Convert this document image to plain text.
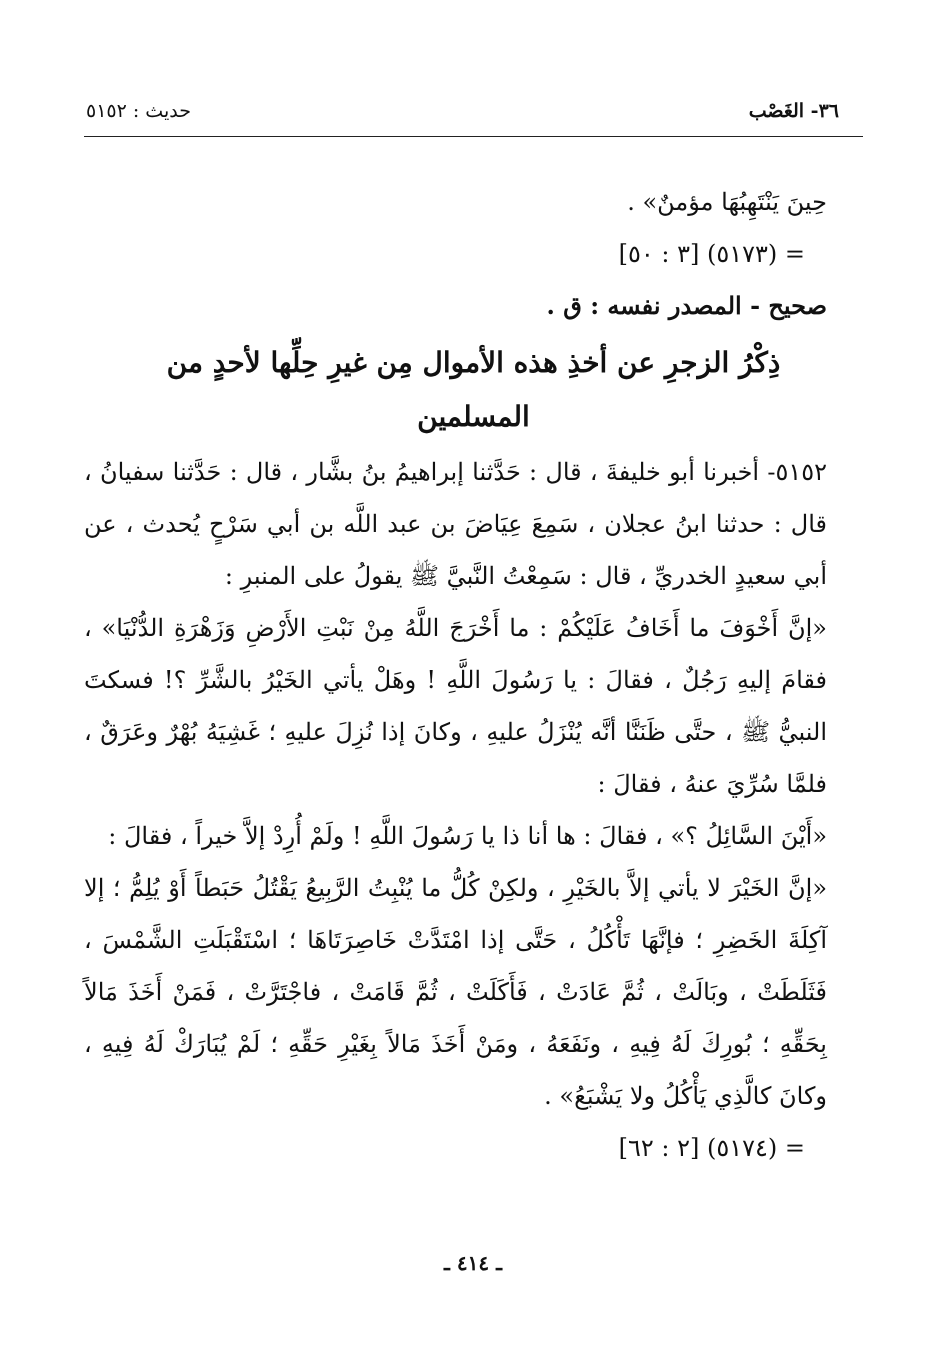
٣٦- الغَصْب
حديث : ٥١٥٢

حِينَ يَنْتَهِبُهَا مؤمنٌ» .

= (٥١٧٣) [٣ : ٥٠]

صحيح - المصدر نفسه : ق .

ذِكْرُ الزجرِ عن أخذِ هذه الأموال مِن غيرِ حِلِّها لأحدٍ من المسلمين

٥١٥٢- أخبرنا أبو خليفةَ ، قال : حَدَّثنا إبراهيمُ بنُ بشَّار ، قال : حَدَّثنا سفيانُ ، قال : حدثنا ابنُ عجلان ، سَمِعَ عِيَاضَ بن عبد اللَّه بن أبي سَرْحٍ يُحدث ، عن أبي سعيدٍ الخدريِّ ، قال : سَمِعْتُ النَّبيَّ ﷺ يقولُ على المنبرِ :

«إنَّ أَخْوَفَ ما أَخَافُ عَلَيْكُمْ : ما أَخْرَجَ اللَّهُ مِنْ نَبْتِ الأَرْضِ وَزَهْرَةِ الدُّنْيَا» ، فقامَ إليهِ رَجُلٌ ، فقالَ : يا رَسُولَ اللَّهِ ! وهَلْ يأتي الخَيْرُ بالشَّرِّ ؟! فسكتَ النبيُّ ﷺ ، حتَّى ظَنَنَّا أنَّه يُنْزَلُ عليهِ ، وكانَ إذا نُزِلَ عليهِ ؛ غَشِيَهُ بُهْرٌ وعَرَقٌ ، فلمَّا سُرِّيَ عنهُ ، فقالَ :

«أَيْنَ السَّائِلُ ؟» ، فقالَ : ها أنا ذا يا رَسُولَ اللَّهِ ! ولَمْ أُرِدْ إلاَّ خيراً ، فقالَ :

«إنَّ الخَيْرَ لا يأتي إلاَّ بالخَيْرِ ، ولكِنْ كُلُّ ما يُنْبِتُ الرَّبِيعُ يَقْتُلُ حَبَطاً أَوْ يُلِمُّ ؛ إلا آكِلَةَ الخَضِرِ ؛ فإنَّهَا تَأْكُلُ ، حَتَّى إذا امْتَدَّتْ خَاصِرَتَاهَا ؛ اسْتَقْبَلَتِ الشَّمْسَ ، فَثَلَطَتْ ، وبَالَتْ ، ثُمَّ عَادَتْ ، فَأَكَلَتْ ، ثُمَّ قَامَتْ ، فاجْتَرَّتْ ، فَمَنْ أَخَذَ مَالاً بِحَقِّهِ ؛ بُورِكَ لَهُ فِيهِ ، ونَفَعَهُ ، ومَنْ أَخَذَ مَالاً بِغَيْرِ حَقِّهِ ؛ لَمْ يُبَارَكْ لَهُ فِيهِ ، وكانَ كالَّذِي يَأْكُلُ ولا يَشْبَعُ» .

= (٥١٧٤) [٢ : ٦٢]

ـ ٤١٤ ـ
